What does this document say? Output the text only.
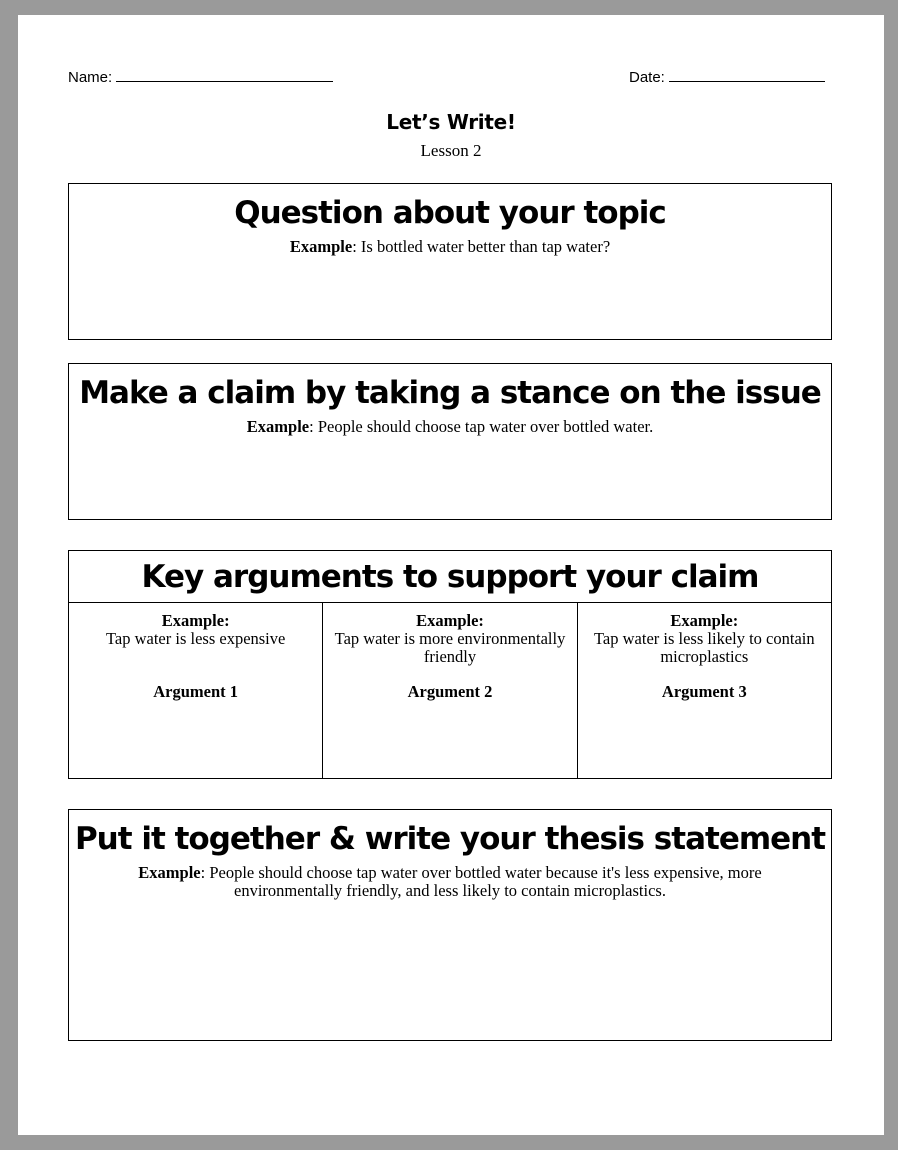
Name:	Date:
Let’s Write!
Lesson 2
Question about your topic
Example: Is bottled water better than tap water?
Make a claim by taking a stance on the issue
Example: People should choose tap water over bottled water.
Key arguments to support your claim
Example:
Tap water is less expensive
Argument 1
Example:
Tap water is more environmentally friendly
Argument 2
Example:
Tap water is less likely to contain microplastics
Argument 3
Put it together & write your thesis statement
Example: People should choose tap water over bottled water because it's less expensive, more environmentally friendly, and less likely to contain microplastics.
